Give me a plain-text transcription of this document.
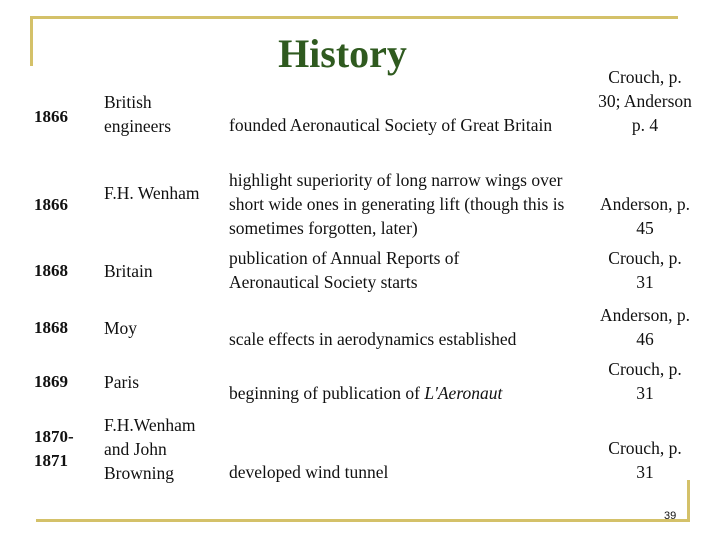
History
1866
British engineers	founded Aeronautical Society of Great Britain
Crouch, p. 30; Anderson p. 4
1866
F.H. Wenham
highlight superiority of long narrow wings over short wide ones in generating lift (though this is sometimes forgotten, later)
Anderson, p. 45
1868 Britain
publication of Annual Reports of Aeronautical Society starts
Crouch, p. 31
1868 Moy
scale effects in aerodynamics established
Anderson, p. 46
1869 Paris
beginning of publication of L'Aeronaut
Crouch, p. 31
1870-1871
F.H.Wenham and John Browning	developed wind tunnel
Crouch, p. 31
39
